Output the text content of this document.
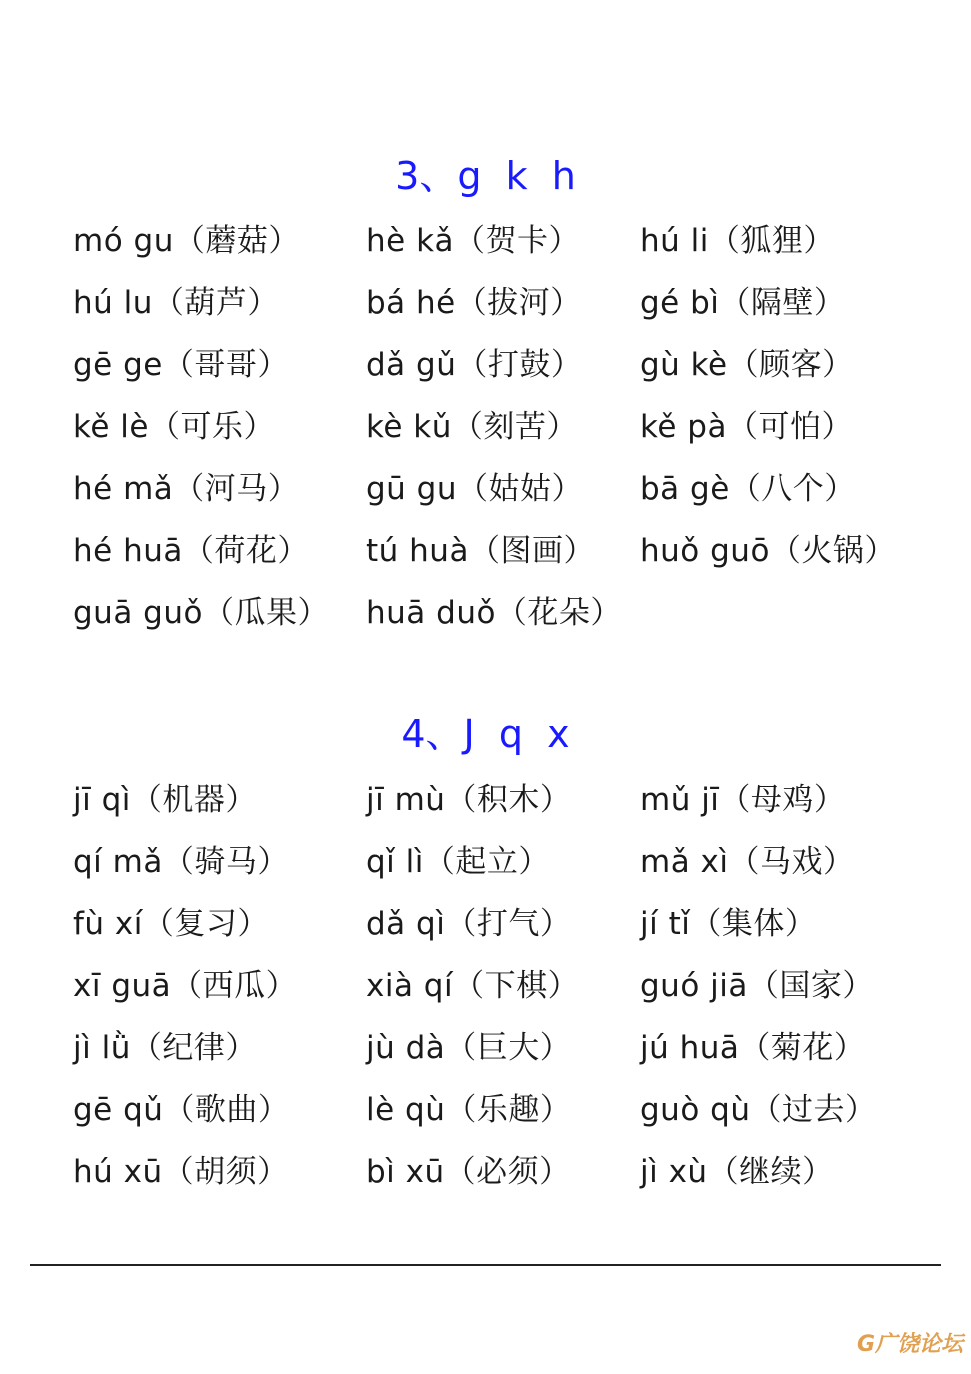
3、g  k  h
mó gu（蘑菇） hè kǎ（贺卡） hú li（狐狸）
hú lu（葫芦）	bá hé（拔河） gé bì（隔壁）
gē ge（哥哥） dǎ gǔ（打鼓） gù kè（顾客）
kě lè（可乐）	kè kǔ（刻苦） kě pà（可怕）
hé mǎ（河马） gū gu（姑姑） bā gè（八个）
hé huā（荷花） tú huà（图画） huǒ guō（火锅）
guā guǒ（瓜果） huā duǒ（花朵）
4、J  q  x
jī qì（机器）	jī mù（积木） mǔ jī（母鸡）
qí mǎ（骑马） qǐ lì（起立）	mǎ xì（马戏）
fù xí（复习）	dǎ qì（打气） jí tǐ（集体）
xī guā（西瓜） xià qí（下棋） guó jiā（国家）
jì lǜ（纪律）	jù dà（巨大） jú huā（菊花）
gē qǔ（歌曲） lè qù（乐趣） guò qù（过去）
hú xū（胡须） bì xū（必须） jì xù（继续）
G广饶论坛
